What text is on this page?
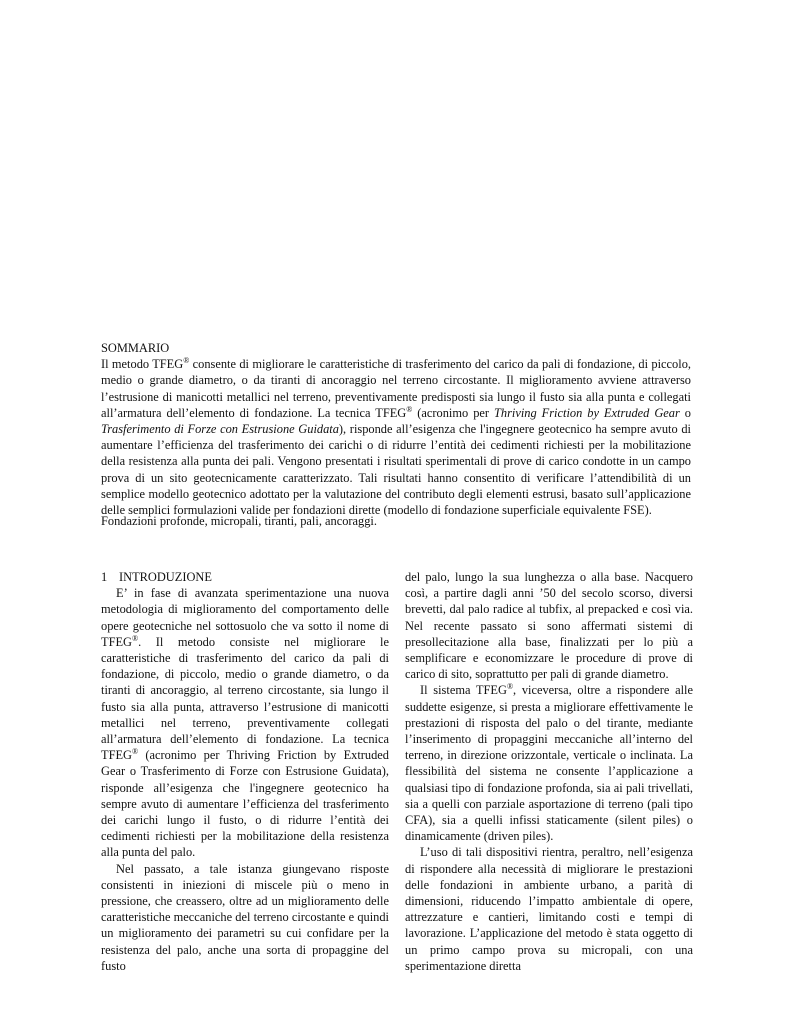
SOMMARIO

Il metodo TFEG® consente di migliorare le caratteristiche di trasferimento del carico da pali di fondazione, di piccolo, medio o grande diametro, o da tiranti di ancoraggio nel terreno circostante. Il miglioramento avviene attraverso l’estrusione di manicotti metallici nel terreno, preventivamente predisposti sia lungo il fusto sia alla punta e collegati all’armatura dell’elemento di fondazione. La tecnica TFEG® (acronimo per Thriving Friction by Extruded Gear o Trasferimento di Forze con Estrusione Guidata), risponde all’esigenza che l'ingegnere geotecnico ha sempre avuto di aumentare l’efficienza del trasferimento dei carichi o di ridurre l’entità dei cedimenti richiesti per la mobilitazione della resistenza alla punta dei pali. Vengono presentati i risultati sperimentali di prove di carico condotte in un campo prova di un sito geotecnicamente caratterizzato. Tali risultati hanno consentito di verificare l’attendibilità di un semplice modello geotecnico adottato per la valutazione del contributo degli elementi estrusi, basato sull’applicazione delle semplici formulazioni valide per fondazioni dirette (modello di fondazione superficiale equivalente FSE).

Fondazioni profonde, micropali, tiranti, pali, ancoraggi.

1 INTRODUZIONE

E’ in fase di avanzata sperimentazione una nuova metodologia di miglioramento del comportamento delle opere geotecniche nel sottosuolo che va sotto il nome di TFEG®. Il metodo consiste nel migliorare le caratteristiche di trasferimento del carico da pali di fondazione, di piccolo, medio o grande diametro, o da tiranti di ancoraggio, al terreno circostante, sia lungo il fusto sia alla punta, attraverso l’estrusione di manicotti metallici nel terreno, preventivamente collegati all’armatura dell’elemento di fondazione. La tecnica TFEG® (acronimo per Thriving Friction by Extruded Gear o Trasferimento di Forze con Estrusione Guidata), risponde all’esigenza che l'ingegnere geotecnico ha sempre avuto di aumentare l’efficienza del trasferimento dei carichi lungo il fusto, o di ridurre l’entità dei cedimenti richiesti per la mobilitazione della resistenza alla punta del palo.

Nel passato, a tale istanza giungevano risposte consistenti in iniezioni di miscele più o meno in pressione, che creassero, oltre ad un miglioramento delle caratteristiche meccaniche del terreno circostante e quindi un miglioramento dei parametri su cui confidare per la resistenza del palo, anche una sorta di propaggine del fusto

del palo, lungo la sua lunghezza o alla base. Nacquero così, a partire dagli anni ’50 del secolo scorso, diversi brevetti, dal palo radice al tubfix, al prepacked e così via. Nel recente passato si sono affermati sistemi di presollecitazione alla base, finalizzati per lo più a semplificare e economizzare le procedure di prove di carico di sito, soprattutto per pali di grande diametro.

Il sistema TFEG®, viceversa, oltre a rispondere alle suddette esigenze, si presta a migliorare effettivamente le prestazioni di risposta del palo o del tirante, mediante l’inserimento di propaggini meccaniche all’interno del terreno, in direzione orizzontale, verticale o inclinata. La flessibilità del sistema ne consente l’applicazione a qualsiasi tipo di fondazione profonda, sia ai pali trivellati, sia a quelli con parziale asportazione di terreno (pali tipo CFA), sia a quelli infissi staticamente (silent piles) o dinamicamente (driven piles).

L’uso di tali dispositivi rientra, peraltro, nell’esigenza di rispondere alla necessità di migliorare le prestazioni delle fondazioni in ambiente urbano, a parità di dimensioni, riducendo l’impatto ambientale di opere, attrezzature e cantieri, limitando costi e tempi di lavorazione. L’applicazione del metodo è stata oggetto di un primo campo prova su micropali, con una sperimentazione diretta
